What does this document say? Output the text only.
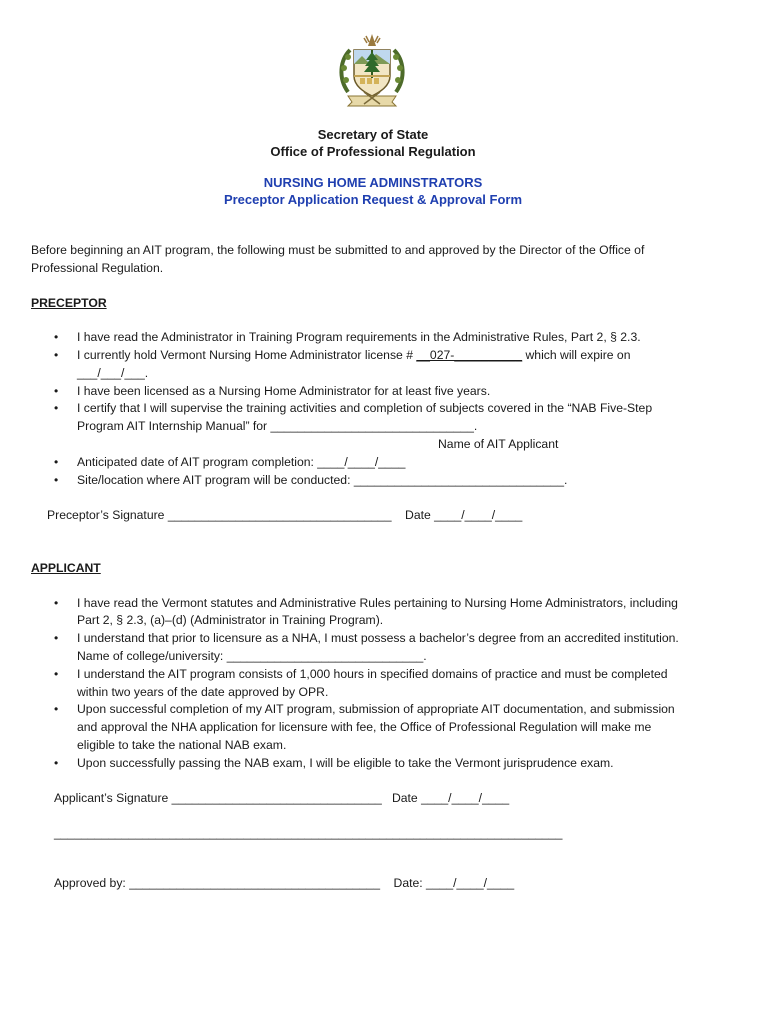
Secretary of State
Office of Professional Regulation
NURSING HOME ADMINSTRATORS
Preceptor Application Request & Approval Form
Before beginning an AIT program, the following must be submitted to and approved by the Director of the Office of
Professional Regulation.
PRECEPTOR
• I have read the Administrator in Training Program requirements in the Administrative Rules, Part 2, § 2.3.
• I currently hold Vermont Nursing Home Administrator license # __027-__________ which will expire on
___/___/___.
• I have been licensed as a Nursing Home Administrator for at least five years.
• I certify that I will supervise the training activities and completion of subjects covered in the “NAB Five-Step
Program AIT Internship Manual” for ______________________________.
Name of AIT Applicant
• Anticipated date of AIT program completion: ____/____/____
• Site/location where AIT program will be conducted: _______________________________.
Preceptor’s Signature _________________________________    Date ____/____/____
APPLICANT
• I have read the Vermont statutes and Administrative Rules pertaining to Nursing Home Administrators, including
Part 2, § 2.3, (a)–(d) (Administrator in Training Program).
• I understand that prior to licensure as a NHA, I must possess a bachelor’s degree from an accredited institution.
Name of college/university: _____________________________.
• I understand the AIT program consists of 1,000 hours in specified domains of practice and must be completed
within two years of the date approved by OPR.
• Upon successful completion of my AIT program, submission of appropriate AIT documentation, and submission
and approval the NHA application for licensure with fee, the Office of Professional Regulation will make me
eligible to take the national NAB exam.
• Upon successfully passing the NAB exam, I will be eligible to take the Vermont jurisprudence exam.
Applicant’s Signature _______________________________   Date ____/____/____
___________________________________________________________________________
Approved by: _____________________________________    Date: ____/____/____
